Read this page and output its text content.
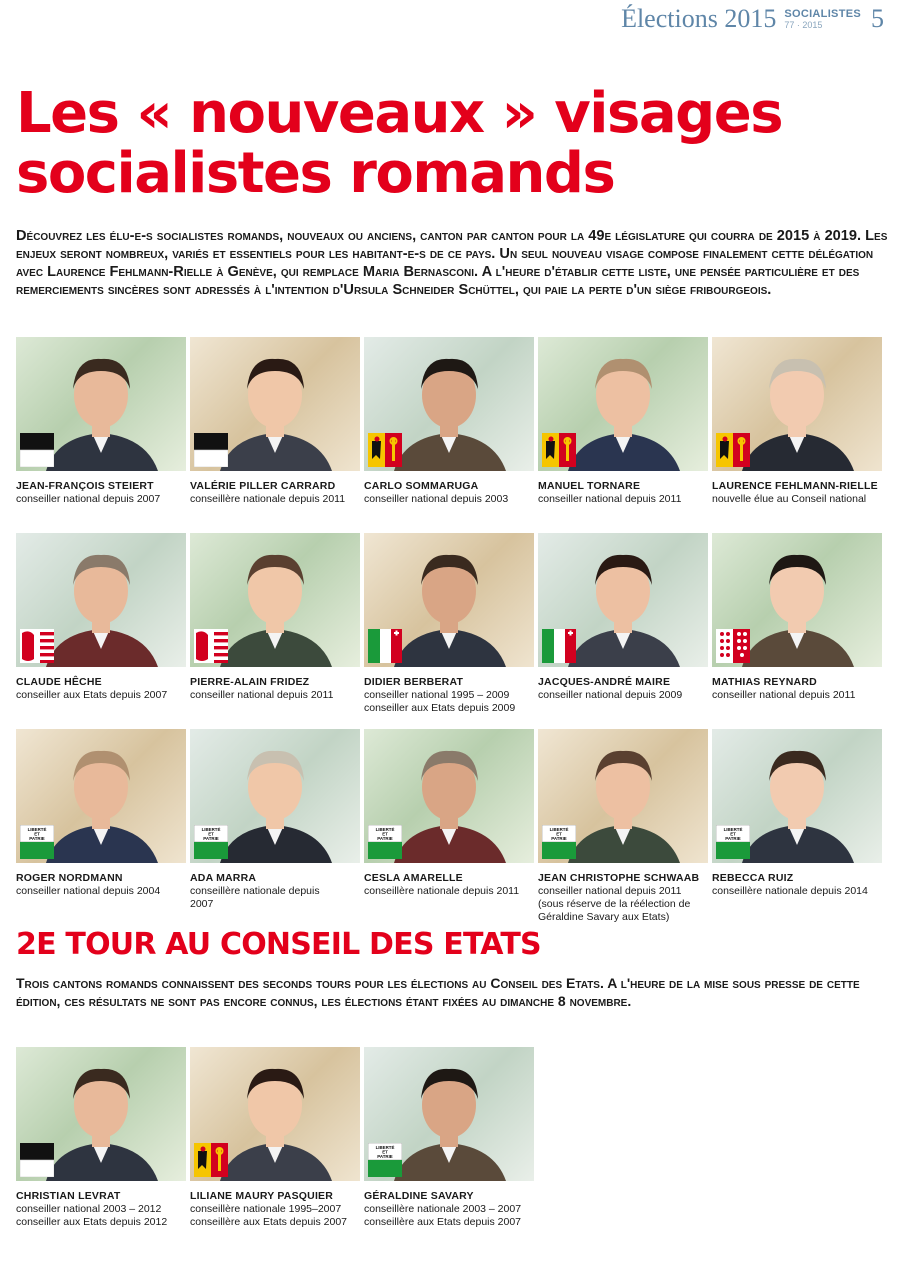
Élections 2015 SOCIALISTES
77 · 2015	5
Les « nouveaux » visages
socialistes romands

Découvrez les élu-e-s socialistes romands, nouveaux ou anciens, canton par canton pour la 49e législature qui courra de 2015 à 2019. Les enjeux seront nombreux, variés et essentiels pour les habitant-e-s de ce pays. Un seul nouveau visage compose finalement cette délégation avec Laurence Fehlmann-Rielle à Genève, qui remplace Maria Bernasconi. A l'heure d'établir cette liste, une pensée particulière et des remerciements sincères sont adressés à l'intention d'Ursula Schneider Schüttel, qui paie la perte d'un siège fribourgeois.

JEAN-FRANÇOIS STEIERT
conseiller national depuis 2007
VALÉRIE PILLER CARRARD
conseillère nationale depuis 2011
CARLO SOMMARUGA
conseiller national depuis 2003
MANUEL TORNARE
conseiller national depuis 2011
LAURENCE FEHLMANN-RIELLE
nouvelle élue au Conseil national
CLAUDE HÊCHE
conseiller aux Etats depuis 2007
PIERRE-ALAIN FRIDEZ
conseiller national depuis 2011
DIDIER BERBERAT
conseiller national 1995 – 2009
conseiller aux Etats depuis 2009
JACQUES-ANDRÉ MAIRE
conseiller national depuis 2009
MATHIAS REYNARD
conseiller national depuis 2011
LIBERTÉ
ET
PATRIE
ROGER NORDMANN
conseiller national depuis 2004
LIBERTÉ
ET
PATRIE
ADA MARRA
conseillère nationale depuis
2007
LIBERTÉ
ET
PATRIE
CESLA AMARELLE
conseillère nationale depuis 2011
LIBERTÉ
ET
PATRIE
JEAN CHRISTOPHE SCHWAAB
conseiller national depuis 2011
(sous réserve de la réélection de
Géraldine Savary aux Etats)
LIBERTÉ
ET
PATRIE
REBECCA RUIZ
conseillère nationale depuis 2014
2E TOUR AU CONSEIL DES ETATS

Trois cantons romands connaissent des seconds tours pour les élections au Conseil des Etats. A l'heure de la mise sous presse de cette édition, ces résultats ne sont pas encore connus, les élections étant fixées au dimanche 8 novembre.

CHRISTIAN LEVRAT
conseiller national 2003 – 2012
conseiller aux Etats depuis 2012
LILIANE MAURY PASQUIER
conseillère nationale 1995–2007
conseillère aux Etats depuis 2007
LIBERTÉ
ET
PATRIE
GÉRALDINE SAVARY
conseillère nationale 2003 – 2007
conseillère aux Etats depuis 2007
